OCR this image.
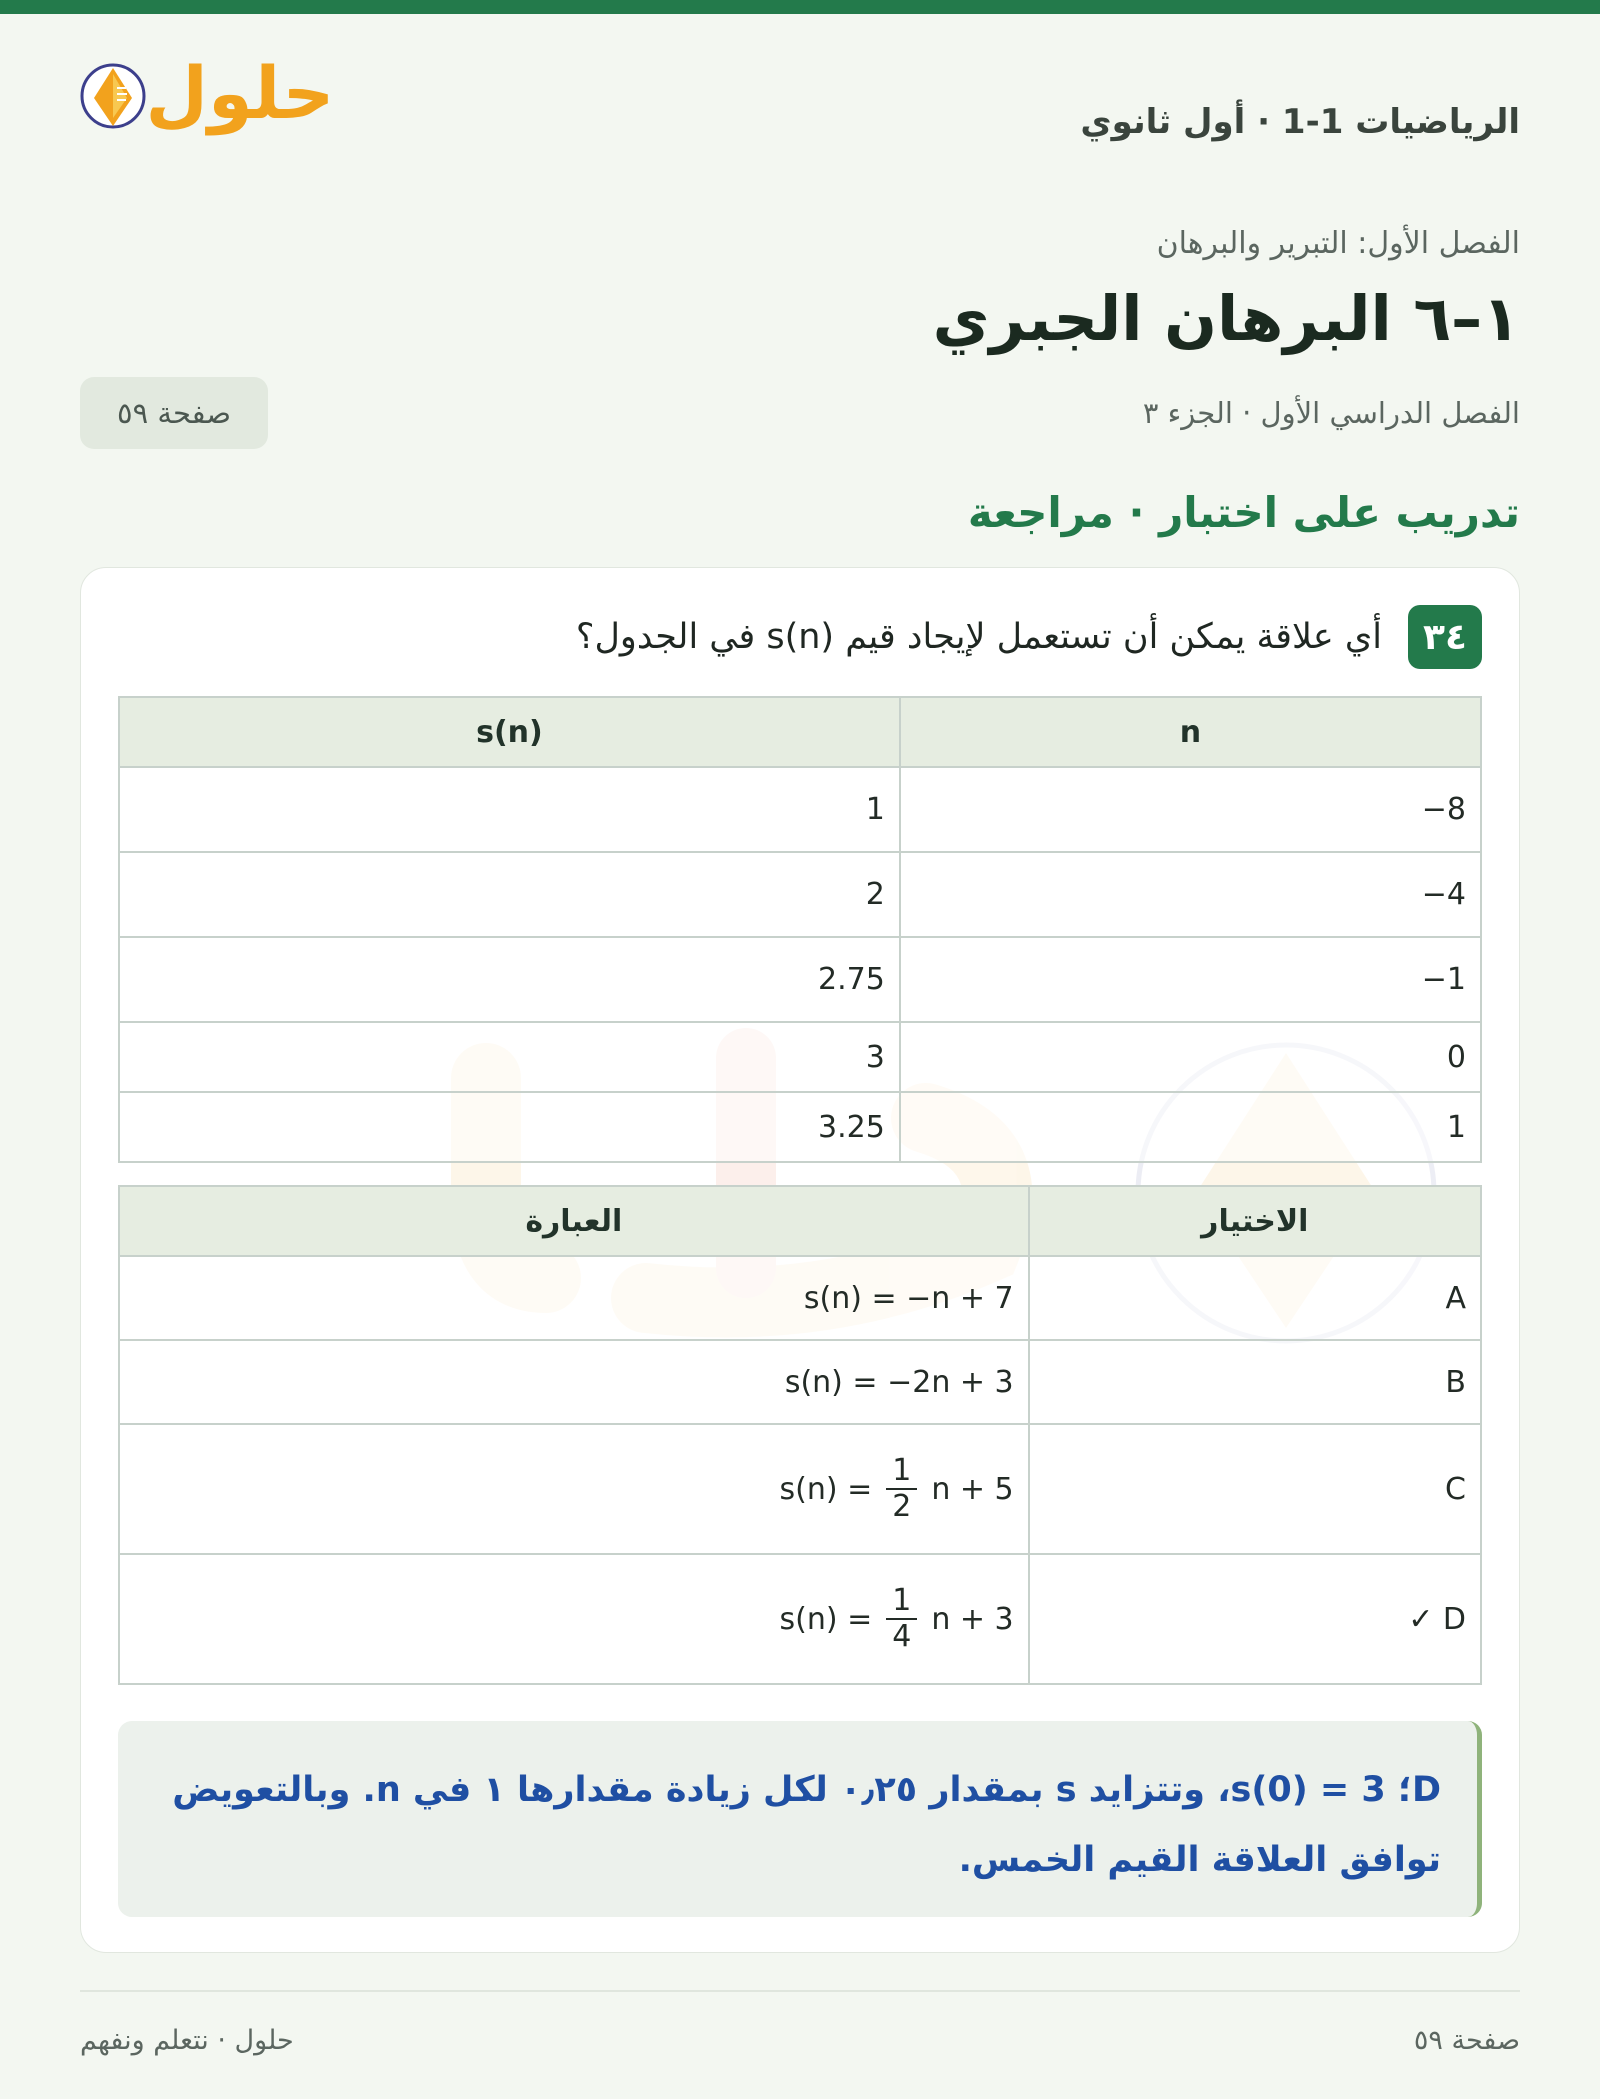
الرياضيات 1-1 · أول ثانوي
حلول
الفصل الأول: التبرير والبرهان
١–٦ البرهان الجبري
الفصل الدراسي الأول · الجزء ٣
صفحة ٥٩
تدريب على اختبار · مراجعة
٣٤
أي علاقة يمكن أن تستعمل لإيجاد قيم s(n) في الجدول؟
s(n)	n
1	−8
2	−4
2.75	−1
3	0
3.25	1
العبارة	الاختيار
s(n) = −n + 7	A
s(n) = −2n + 3	B

$s(n) = \frac{1}{2}$ n + 5	C

$s(n) = \frac{1}{4}$ n + 3	✓ D
D؛ s(0) = 3، وتتزايد s بمقدار ٠٫٢٥ لكل زيادة مقدارها ١ في n. وبالتعويض توافق العلاقة القيم الخمس.
صفحة ٥٩
حلول · نتعلم ونفهم
